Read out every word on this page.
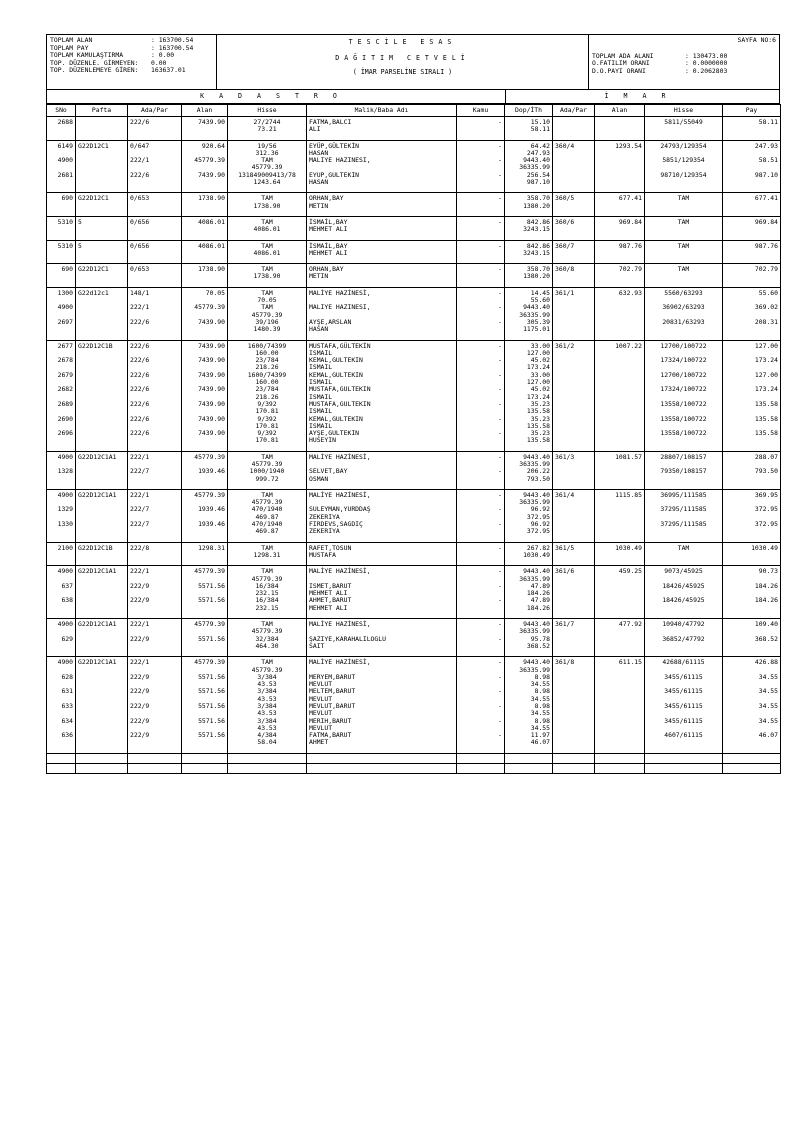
TOPLAM ALAN	: 163700.54
TOPLAM PAY	: 163700.54
TOPLAM KAMULAŞTIRMA	: 0.00
TOP. DÜZENLE. GİRMEYEN:	0.00
TOP. DÜZENLEMEYE GİREN:	163637.01
TESCİLE ESAS
DAĞITIM CETVELİ
( İMAR PARSELİNE SIRALI )
SAYFA NO:6
TOPLAM ADA ALANI	: 130473.00
O.FATILIM ORANI	: 0.0000000
D.O.PAYI ORANI	: 0.2062803
KADASTRO	İMAR
SNo	Pafta	Ada/Par	Alan	Hisse	Malik/Baba Adı	Kamu	Dop/İTh	Ada/Par	Alan	Hisse	Pay
2688		222/6	7439.90	27/2744	FATMA,BALCI	-	15.10			5811/55049	58.11
				73.21	ALİ		58.11				
6149	G22D12C1	0/647	920.64	19/56	EYÜP,GÜLTEKİN	-	64.42	360/4	1293.54	24793/129354	247.93
				312.36	HASAN		247.93				
4900		222/1	45779.39	TAM	MALİYE HAZİNESİ,	-	9443.40			5851/129354	58.51
				45779.39			36335.99				
2681		222/6	7439.90	131849009413/78	EYÜP,GÜLTEKİN	-	256.54			98710/129354	987.10
				1243.64	HASAN		987.10				
690	G22D12C1	0/653	1738.90	TAM	ORHAN,BAY	-	358.70	360/5	677.41	TAM	677.41
				1738.90	METİN		1380.20				
5310	5	0/656	4086.01	TAM	İSMAİL,BAY	-	842.86	360/6	969.84	TAM	969.84
				4086.01	MEHMET ALİ		3243.15				
5310	5	0/656	4086.01	TAM	İSMAİL,BAY	-	842.86	360/7	987.76	TAM	987.76
				4086.01	MEHMET ALİ		3243.15				
690	G22D12C1	0/653	1738.90	TAM	ORHAN,BAY	-	358.70	360/8	702.79	TAM	702.79
				1738.90	METİN		1380.20				
1300	G22d12c1	148/1	70.05	TAM	MALİYE HAZİNESİ,	-	14.45	361/1	632.93	5560/63293	55.60
				70.05			55.60				
4900		222/1	45779.39	TAM	MALİYE HAZİNESİ,	-	9443.40			36902/63293	369.02
				45779.39			36335.99				
2697		222/6	7439.90	39/196	AYŞE,ARSLAN	-	305.39			20831/63293	208.31
				1480.39	HASAN		1175.01				
2677	G22D12C1B	222/6	7439.90	1600/74399	MUSTAFA,GÜLTEKİN	-	33.00	361/2	1007.22	12700/100722	127.00
				160.00	İSMAİL		127.00				
2678		222/6	7439.90	23/784	KEMAL,GÜLTEKİN	-	45.02			17324/100722	173.24
				218.26	İSMAİL		173.24				
2679		222/6	7439.90	1600/74399	KEMAL,GÜLTEKİN	-	33.00			12700/100722	127.00
				160.00	İSMAİL		127.00				
2682		222/6	7439.90	23/784	MUSTAFA,GÜLTEKİN	-	45.02			17324/100722	173.24
				218.26	İSMAİL		173.24				
2689		222/6	7439.90	9/392	MUSTAFA,GÜLTEKİN	-	35.23			13558/100722	135.58
				170.81	İSMAİL		135.58				
2690		222/6	7439.90	9/392	KEMAL,GÜLTEKİN	-	35.23			13558/100722	135.58
				170.81	İSMAİL		135.58				
2696		222/6	7439.90	9/392	AYŞE,GÜLTEKİN	-	35.23			13558/100722	135.58
				170.81	HÜSEYİN		135.58				
4900	G22D12C1A1	222/1	45779.39	TAM	MALİYE HAZİNESİ,	-	9443.40	361/3	1081.57	28807/108157	288.07
				45779.39			36335.99				
1328		222/7	1939.46	1000/1940	SELVET,BAY	-	206.22			79350/108157	793.50
				999.72	OSMAN		793.50				
4900	G22D12C1A1	222/1	45779.39	TAM	MALİYE HAZİNESİ,	-	9443.40	361/4	1115.85	36995/111585	369.95
				45779.39			36335.99				
1329		222/7	1939.46	470/1940	SÜLEYMAN,YURDDAŞ	-	96.92			37295/111585	372.95
				469.87	ZEKERİYA		372.95				
1330		222/7	1939.46	470/1940	FİRDEVS,SAĞDIÇ	-	96.92			37295/111585	372.95
				469.87	ZEKERİYA		372.95				
2100	G22D12C1B	222/8	1298.31	TAM	RAFET,TOSUN	-	267.82	361/5	1030.49	TAM	1030.49
				1298.31	MUSTAFA		1030.49				
4900	G22D12C1A1	222/1	45779.39	TAM	MALİYE HAZİNESİ,	-	9443.40	361/6	459.25	9073/45925	90.73
				45779.39			36335.99				
637		222/9	5571.56	16/384	İSMET,BARUT	-	47.89			18426/45925	184.26
				232.15	MEHMET ALİ		184.26				
638		222/9	5571.56	16/384	AHMET,BARUT	-	47.89			18426/45925	184.26
				232.15	MEHMET ALİ		184.26				
4900	G22D12C1A1	222/1	45779.39	TAM	MALİYE HAZİNESİ,	-	9443.40	361/7	477.92	10940/47792	109.40
				45779.39			36335.99				
629		222/9	5571.56	32/384	ŞAZİYE,KARAHALİLOĞLU	-	95.78			36852/47792	368.52
				464.30	SAİT		368.52				
4900	G22D12C1A1	222/1	45779.39	TAM	MALİYE HAZİNESİ,	-	9443.40	361/8	611.15	42688/61115	426.88
				45779.39			36335.99				
628		222/9	5571.56	3/384	MERYEM,BARUT	-	8.98			3455/61115	34.55
				43.53	MEVLÜT		34.55				
631		222/9	5571.56	3/384	MELTEM,BARUT	-	8.98			3455/61115	34.55
				43.53	MEVLÜT		34.55				
633		222/9	5571.56	3/384	MEVLÜT,BARUT	-	8.98			3455/61115	34.55
				43.53	MEVLÜT		34.55				
634		222/9	5571.56	3/384	MERİH,BARUT	-	8.98			3455/61115	34.55
				43.53	MEVLÜT		34.55				
636		222/9	5571.56	4/384	FATMA,BARUT	-	11.97			4607/61115	46.07
				58.04	AHMET		46.07				
